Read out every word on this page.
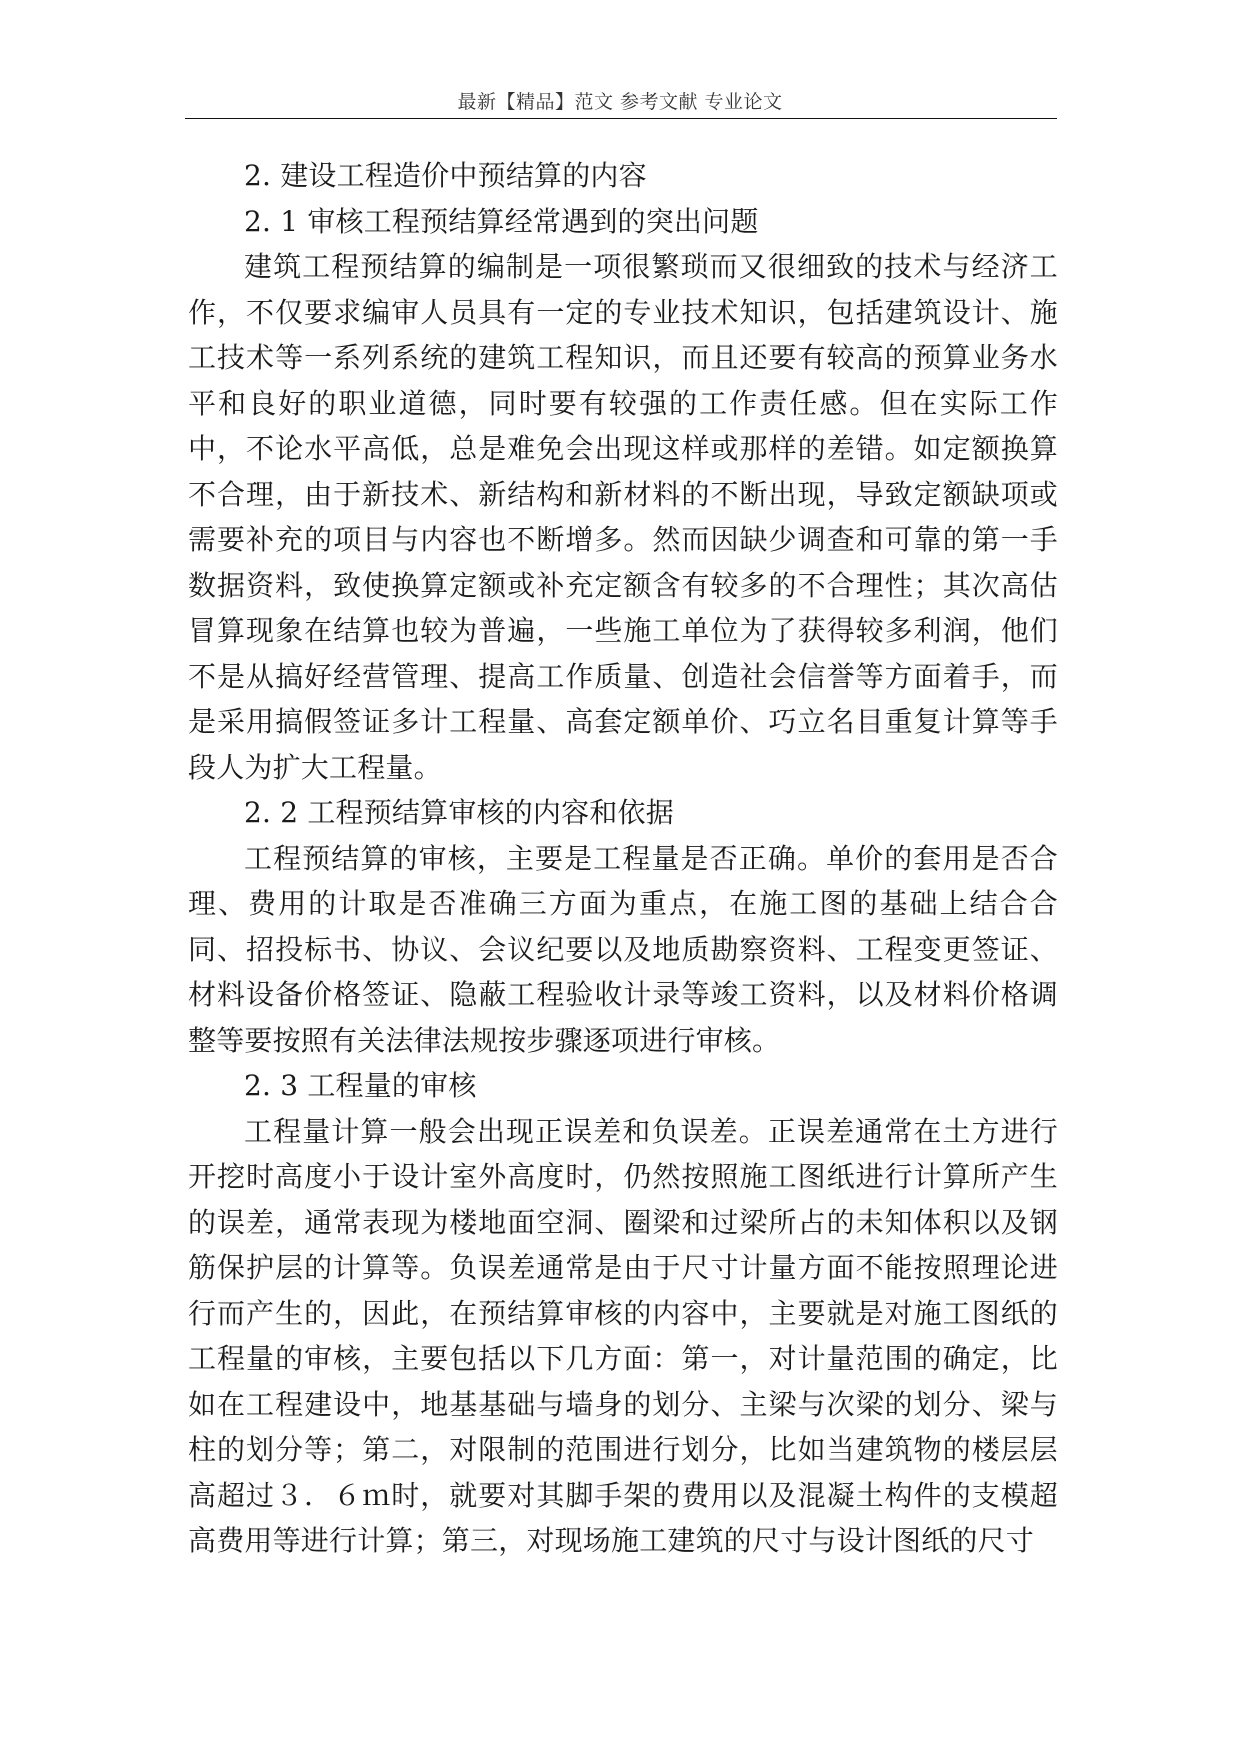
最新【精品】范文 参考文献 专业论文

2. 建设工程造价中预结算的内容

2. 1 审核工程预结算经常遇到的突出问题

建筑工程预结算的编制是一项很繁琐而又很细致的技术与经济工作，不仅要求编审人员具有一定的专业技术知识，包括建筑设计、施工技术等一系列系统的建筑工程知识，而且还要有较高的预算业务水平和良好的职业道德，同时要有较强的工作责任感。但在实际工作中，不论水平高低，总是难免会出现这样或那样的差错。如定额换算不合理，由于新技术、新结构和新材料的不断出现，导致定额缺项或需要补充的项目与内容也不断增多。然而因缺少调查和可靠的第一手数据资料，致使换算定额或补充定额含有较多的不合理性；其次高估冒算现象在结算也较为普遍，一些施工单位为了获得较多利润，他们不是从搞好经营管理、提高工作质量、创造社会信誉等方面着手，而是采用搞假签证多计工程量、高套定额单价、巧立名目重复计算等手段人为扩大工程量。

2. 2 工程预结算审核的内容和依据

工程预结算的审核，主要是工程量是否正确。单价的套用是否合理、费用的计取是否准确三方面为重点，在施工图的基础上结合合同、招投标书、协议、会议纪要以及地质勘察资料、工程变更签证、材料设备价格签证、隐蔽工程验收计录等竣工资料，以及材料价格调整等要按照有关法律法规按步骤逐项进行审核。

2. 3 工程量的审核

工程量计算一般会出现正误差和负误差。正误差通常在土方进行开挖时高度小于设计室外高度时，仍然按照施工图纸进行计算所产生的误差，通常表现为楼地面空洞、圈梁和过梁所占的未知体积以及钢筋保护层的计算等。负误差通常是由于尺寸计量方面不能按照理论进行而产生的，因此，在预结算审核的内容中，主要就是对施工图纸的工程量的审核，主要包括以下几方面：第一，对计量范围的确定，比如在工程建设中，地基基础与墙身的划分、主梁与次梁的划分、梁与柱的划分等；第二，对限制的范围进行划分，比如当建筑物的楼层层高超过３．６ｍ时，就要对其脚手架的费用以及混凝土构件的支模超高费用等进行计算；第三，对现场施工建筑的尺寸与设计图纸的尺寸
